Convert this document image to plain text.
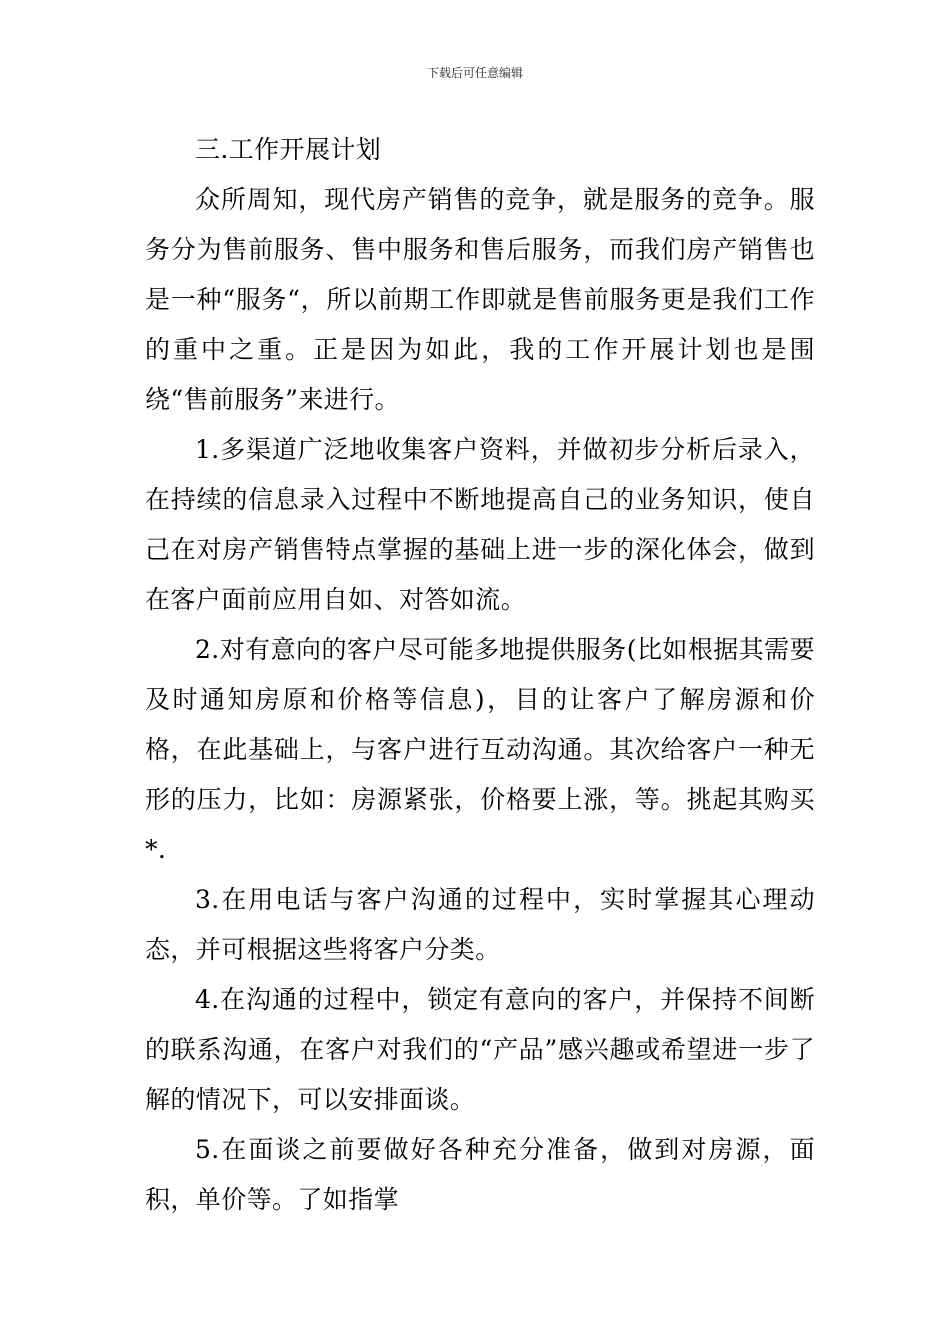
下载后可任意编辑

三.工作开展计划

众所周知，现代房产销售的竞争，就是服务的竞争。服务分为售前服务、售中服务和售后服务，而我们房产销售也是一种“服务“，所以前期工作即就是售前服务更是我们工作的重中之重。正是因为如此，我的工作开展计划也是围绕“售前服务”来进行。

1.多渠道广泛地收集客户资料，并做初步分析后录入，在持续的信息录入过程中不断地提高自己的业务知识，使自己在对房产销售特点掌握的基础上进一步的深化体会，做到在客户面前应用自如、对答如流。

2.对有意向的客户尽可能多地提供服务(比如根据其需要及时通知房原和价格等信息)，目的让客户了解房源和价格，在此基础上，与客户进行互动沟通。其次给客户一种无形的压力，比如：房源紧张，价格要上涨，等。挑起其购买*.

3.在用电话与客户沟通的过程中，实时掌握其心理动态，并可根据这些将客户分类。

4.在沟通的过程中，锁定有意向的客户，并保持不间断的联系沟通，在客户对我们的“产品”感兴趣或希望进一步了解的情况下，可以安排面谈。

5.在面谈之前要做好各种充分准备，做到对房源，面积，单价等。了如指掌
